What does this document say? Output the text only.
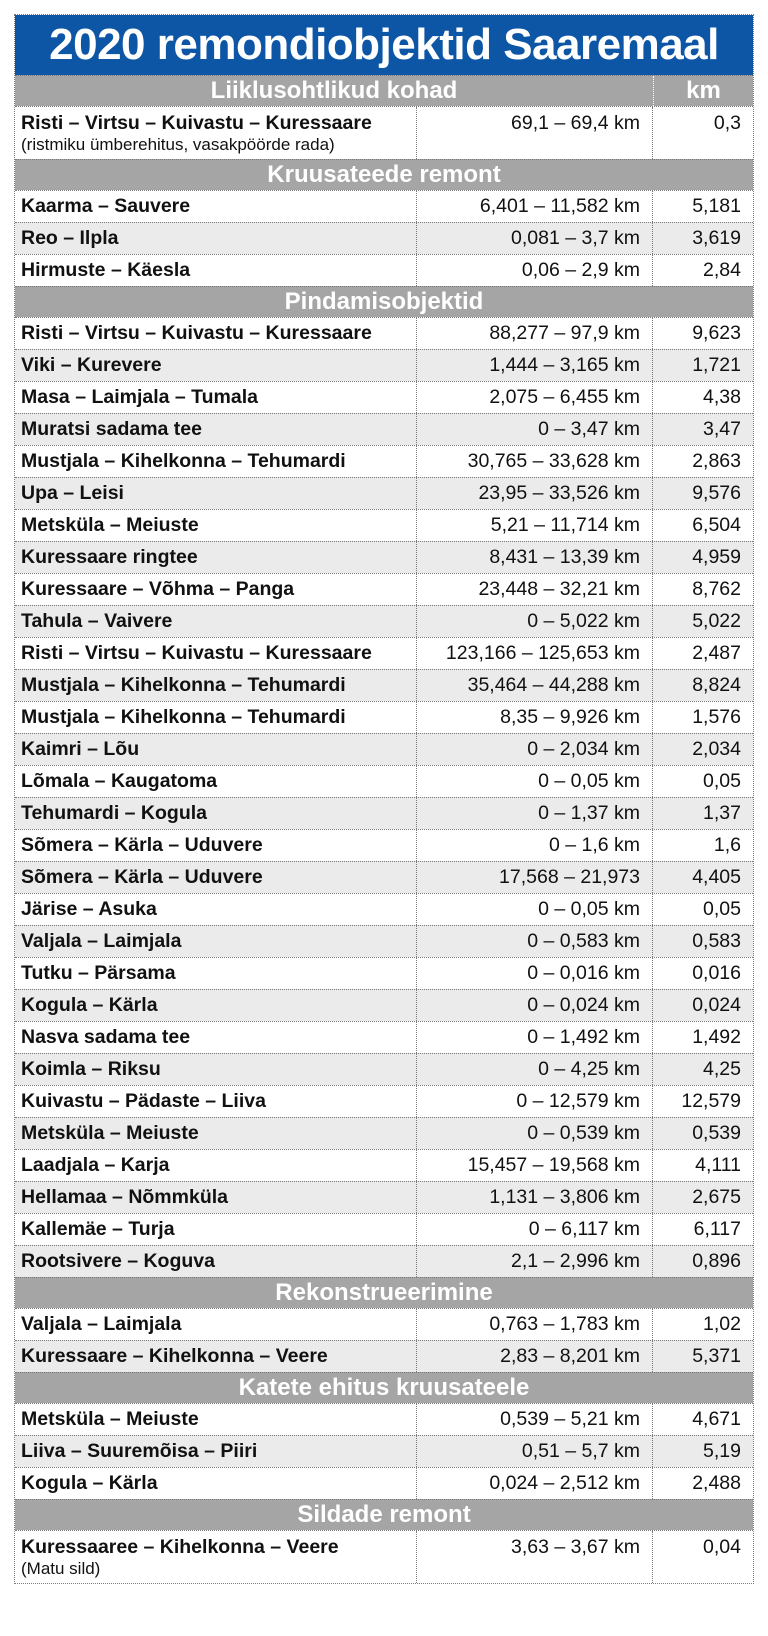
2020 remondiobjektid Saaremaal
Liiklusohtlikud kohad	km
Risti – Virtsu – Kuivastu – Kuressaare
(ristmiku ümberehitus, vasakpöörde rada)
69,1 – 69,4 km	0,3
Kruusateede remont
Kaarma – Sauvere	6,401 – 11,582 km	5,181
Reo – Ilpla	0,081 – 3,7 km	3,619
Hirmuste – Käesla	0,06 – 2,9 km	2,84
Pindamisobjektid
Risti – Virtsu – Kuivastu – Kuressaare	88,277 – 97,9 km	9,623
Viki – Kurevere	1,444 – 3,165 km	1,721
Masa – Laimjala – Tumala	2,075 – 6,455 km	4,38
Muratsi sadama tee	0 – 3,47 km	3,47
Mustjala – Kihelkonna – Tehumardi	30,765 – 33,628 km	2,863
Upa – Leisi	23,95 – 33,526 km	9,576
Metsküla – Meiuste	5,21 – 11,714 km	6,504
Kuressaare ringtee	8,431 – 13,39 km	4,959
Kuressaare – Võhma – Panga	23,448 – 32,21 km	8,762
Tahula – Vaivere	0 – 5,022 km	5,022
Risti – Virtsu – Kuivastu – Kuressaare	123,166 – 125,653 km	2,487
Mustjala – Kihelkonna – Tehumardi	35,464 – 44,288 km	8,824
Mustjala – Kihelkonna – Tehumardi	8,35 – 9,926 km	1,576
Kaimri – Lõu	0 – 2,034 km	2,034
Lõmala – Kaugatoma	0 – 0,05 km	0,05
Tehumardi – Kogula	0 – 1,37 km	1,37
Sõmera – Kärla – Uduvere	0 – 1,6 km	1,6
Sõmera – Kärla – Uduvere	17,568 – 21,973	4,405
Järise – Asuka	0 – 0,05 km	0,05
Valjala – Laimjala	0 – 0,583 km	0,583
Tutku – Pärsama	0 – 0,016 km	0,016
Kogula – Kärla	0 – 0,024 km	0,024
Nasva sadama tee	0 – 1,492 km	1,492
Koimla – Riksu	0 – 4,25 km	4,25
Kuivastu – Pädaste – Liiva	0 – 12,579 km	12,579
Metsküla – Meiuste	0 – 0,539 km	0,539
Laadjala – Karja	15,457 – 19,568 km	4,111
Hellamaa – Nõmmküla	1,131 – 3,806 km	2,675
Kallemäe – Turja	0 – 6,117 km	6,117
Rootsivere – Koguva	2,1 – 2,996 km	0,896
Rekonstrueerimine
Valjala – Laimjala	0,763 – 1,783 km	1,02
Kuressaare – Kihelkonna – Veere	2,83 – 8,201 km	5,371
Katete ehitus kruusateele
Metsküla – Meiuste	0,539 – 5,21 km	4,671
Liiva – Suuremõisa – Piiri	0,51 – 5,7 km	5,19
Kogula – Kärla	0,024 – 2,512 km	2,488
Sildade remont
Kuressaaree – Kihelkonna – Veere
(Matu sild)
3,63 – 3,67 km	0,04
